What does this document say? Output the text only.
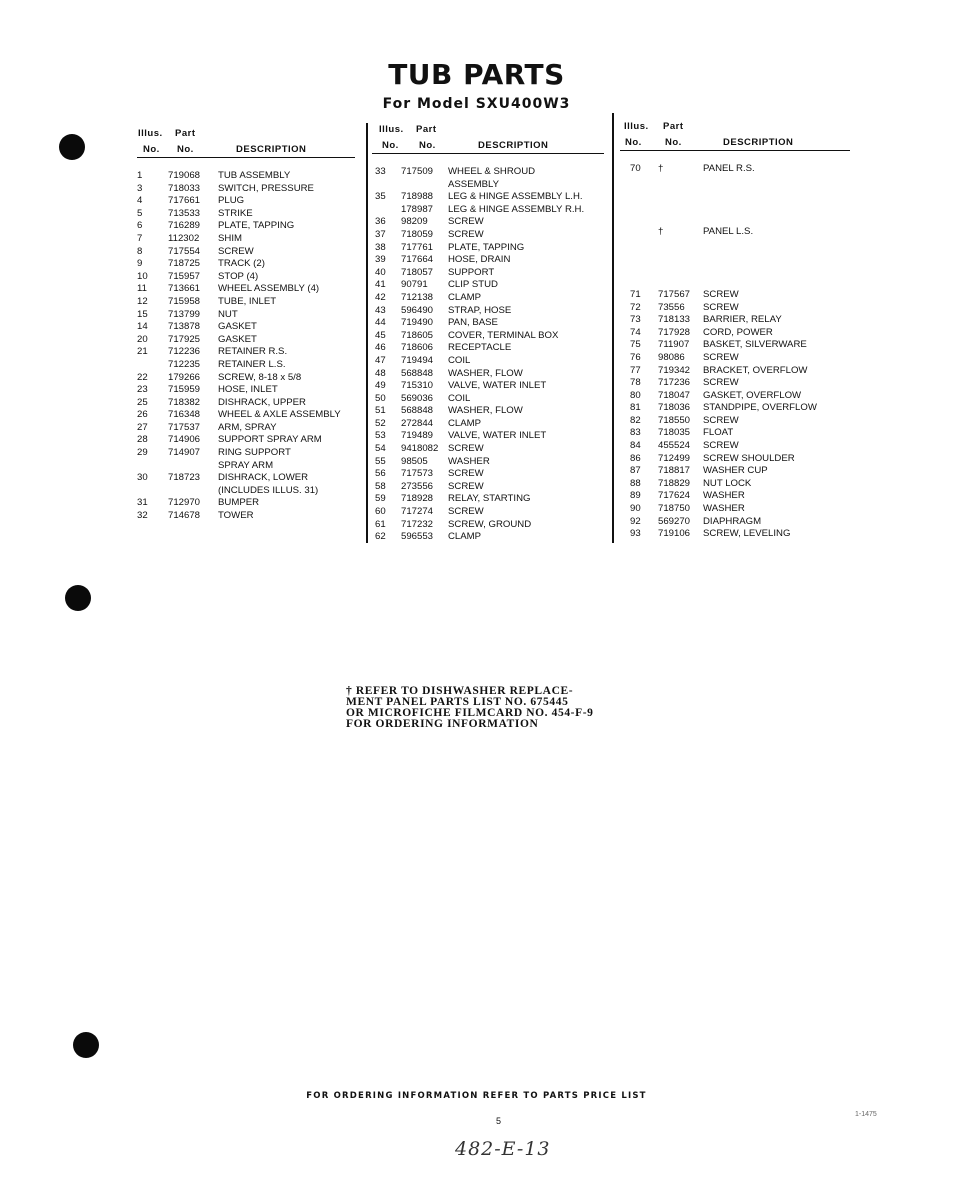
TUB PARTS
For Model SXU400W3
Illus. Part
No. No.	DESCRIPTION
1	719068 TUB ASSEMBLY
3	718033 SWITCH, PRESSURE
4	717661 PLUG
5	713533 STRIKE
6	716289 PLATE, TAPPING
7	112302 SHIM
8	717554 SCREW
9	718725 TRACK (2)
10 715957 STOP (4)
11 713661 WHEEL ASSEMBLY (4)
12 715958 TUBE, INLET
15 713799 NUT
14 713878 GASKET
20 717925 GASKET
21 712236 RETAINER R.S.
712235 RETAINER L.S.
22 179266 SCREW, 8-18 x 5/8
23 715959 HOSE, INLET
25 718382 DISHRACK, UPPER
26 716348 WHEEL & AXLE ASSEMBLY
27 717537 ARM, SPRAY
28 714906 SUPPORT SPRAY ARM
29 714907 RING SUPPORT
SPRAY ARM
30 718723 DISHRACK, LOWER
(INCLUDES ILLUS. 31)
31 712970 BUMPER
32 714678 TOWER
Illus. Part
No. No.	DESCRIPTION
33 717509 WHEEL & SHROUD
ASSEMBLY
35 718988 LEG & HINGE ASSEMBLY L.H.
178987 LEG & HINGE ASSEMBLY R.H.
36 98209 SCREW
37 718059 SCREW
38 717761 PLATE, TAPPING
39 717664 HOSE, DRAIN
40 718057 SUPPORT
41 90791 CLIP STUD
42 712138 CLAMP
43 596490 STRAP, HOSE
44 719490 PAN, BASE
45 718605 COVER, TERMINAL BOX
46 718606 RECEPTACLE
47 719494 COIL
48 568848 WASHER, FLOW
49 715310 VALVE, WATER INLET
50 569036 COIL
51 568848 WASHER, FLOW
52 272844 CLAMP
53 719489 VALVE, WATER INLET
54 9418082 SCREW
55 98505 WASHER
56 717573 SCREW
58 273556 SCREW
59 718928 RELAY, STARTING
60 717274 SCREW
61 717232 SCREW, GROUND
62 596553 CLAMP
Illus. Part
No. No.	DESCRIPTION
70 †	PANEL R.S.
†	PANEL L.S.
71 717567 SCREW
72 73556 SCREW
73 718133 BARRIER, RELAY
74 717928 CORD, POWER
75 711907 BASKET, SILVERWARE
76 98086 SCREW
77 719342 BRACKET, OVERFLOW
78 717236 SCREW
80 718047 GASKET, OVERFLOW
81 718036 STANDPIPE, OVERFLOW
82 718550 SCREW
83 718035 FLOAT
84 455524 SCREW
86 712499 SCREW SHOULDER
87 718817 WASHER CUP
88 718829 NUT LOCK
89 717624 WASHER
90 718750 WASHER
92 569270 DIAPHRAGM
93 719106 SCREW, LEVELING
† REFER TO DISHWASHER REPLACE-
MENT PANEL PARTS LIST NO. 675445
OR MICROFICHE FILMCARD NO. 454-F-9
FOR ORDERING INFORMATION
FOR ORDERING INFORMATION REFER TO PARTS PRICE LIST
5
1-1475
482-E-13
